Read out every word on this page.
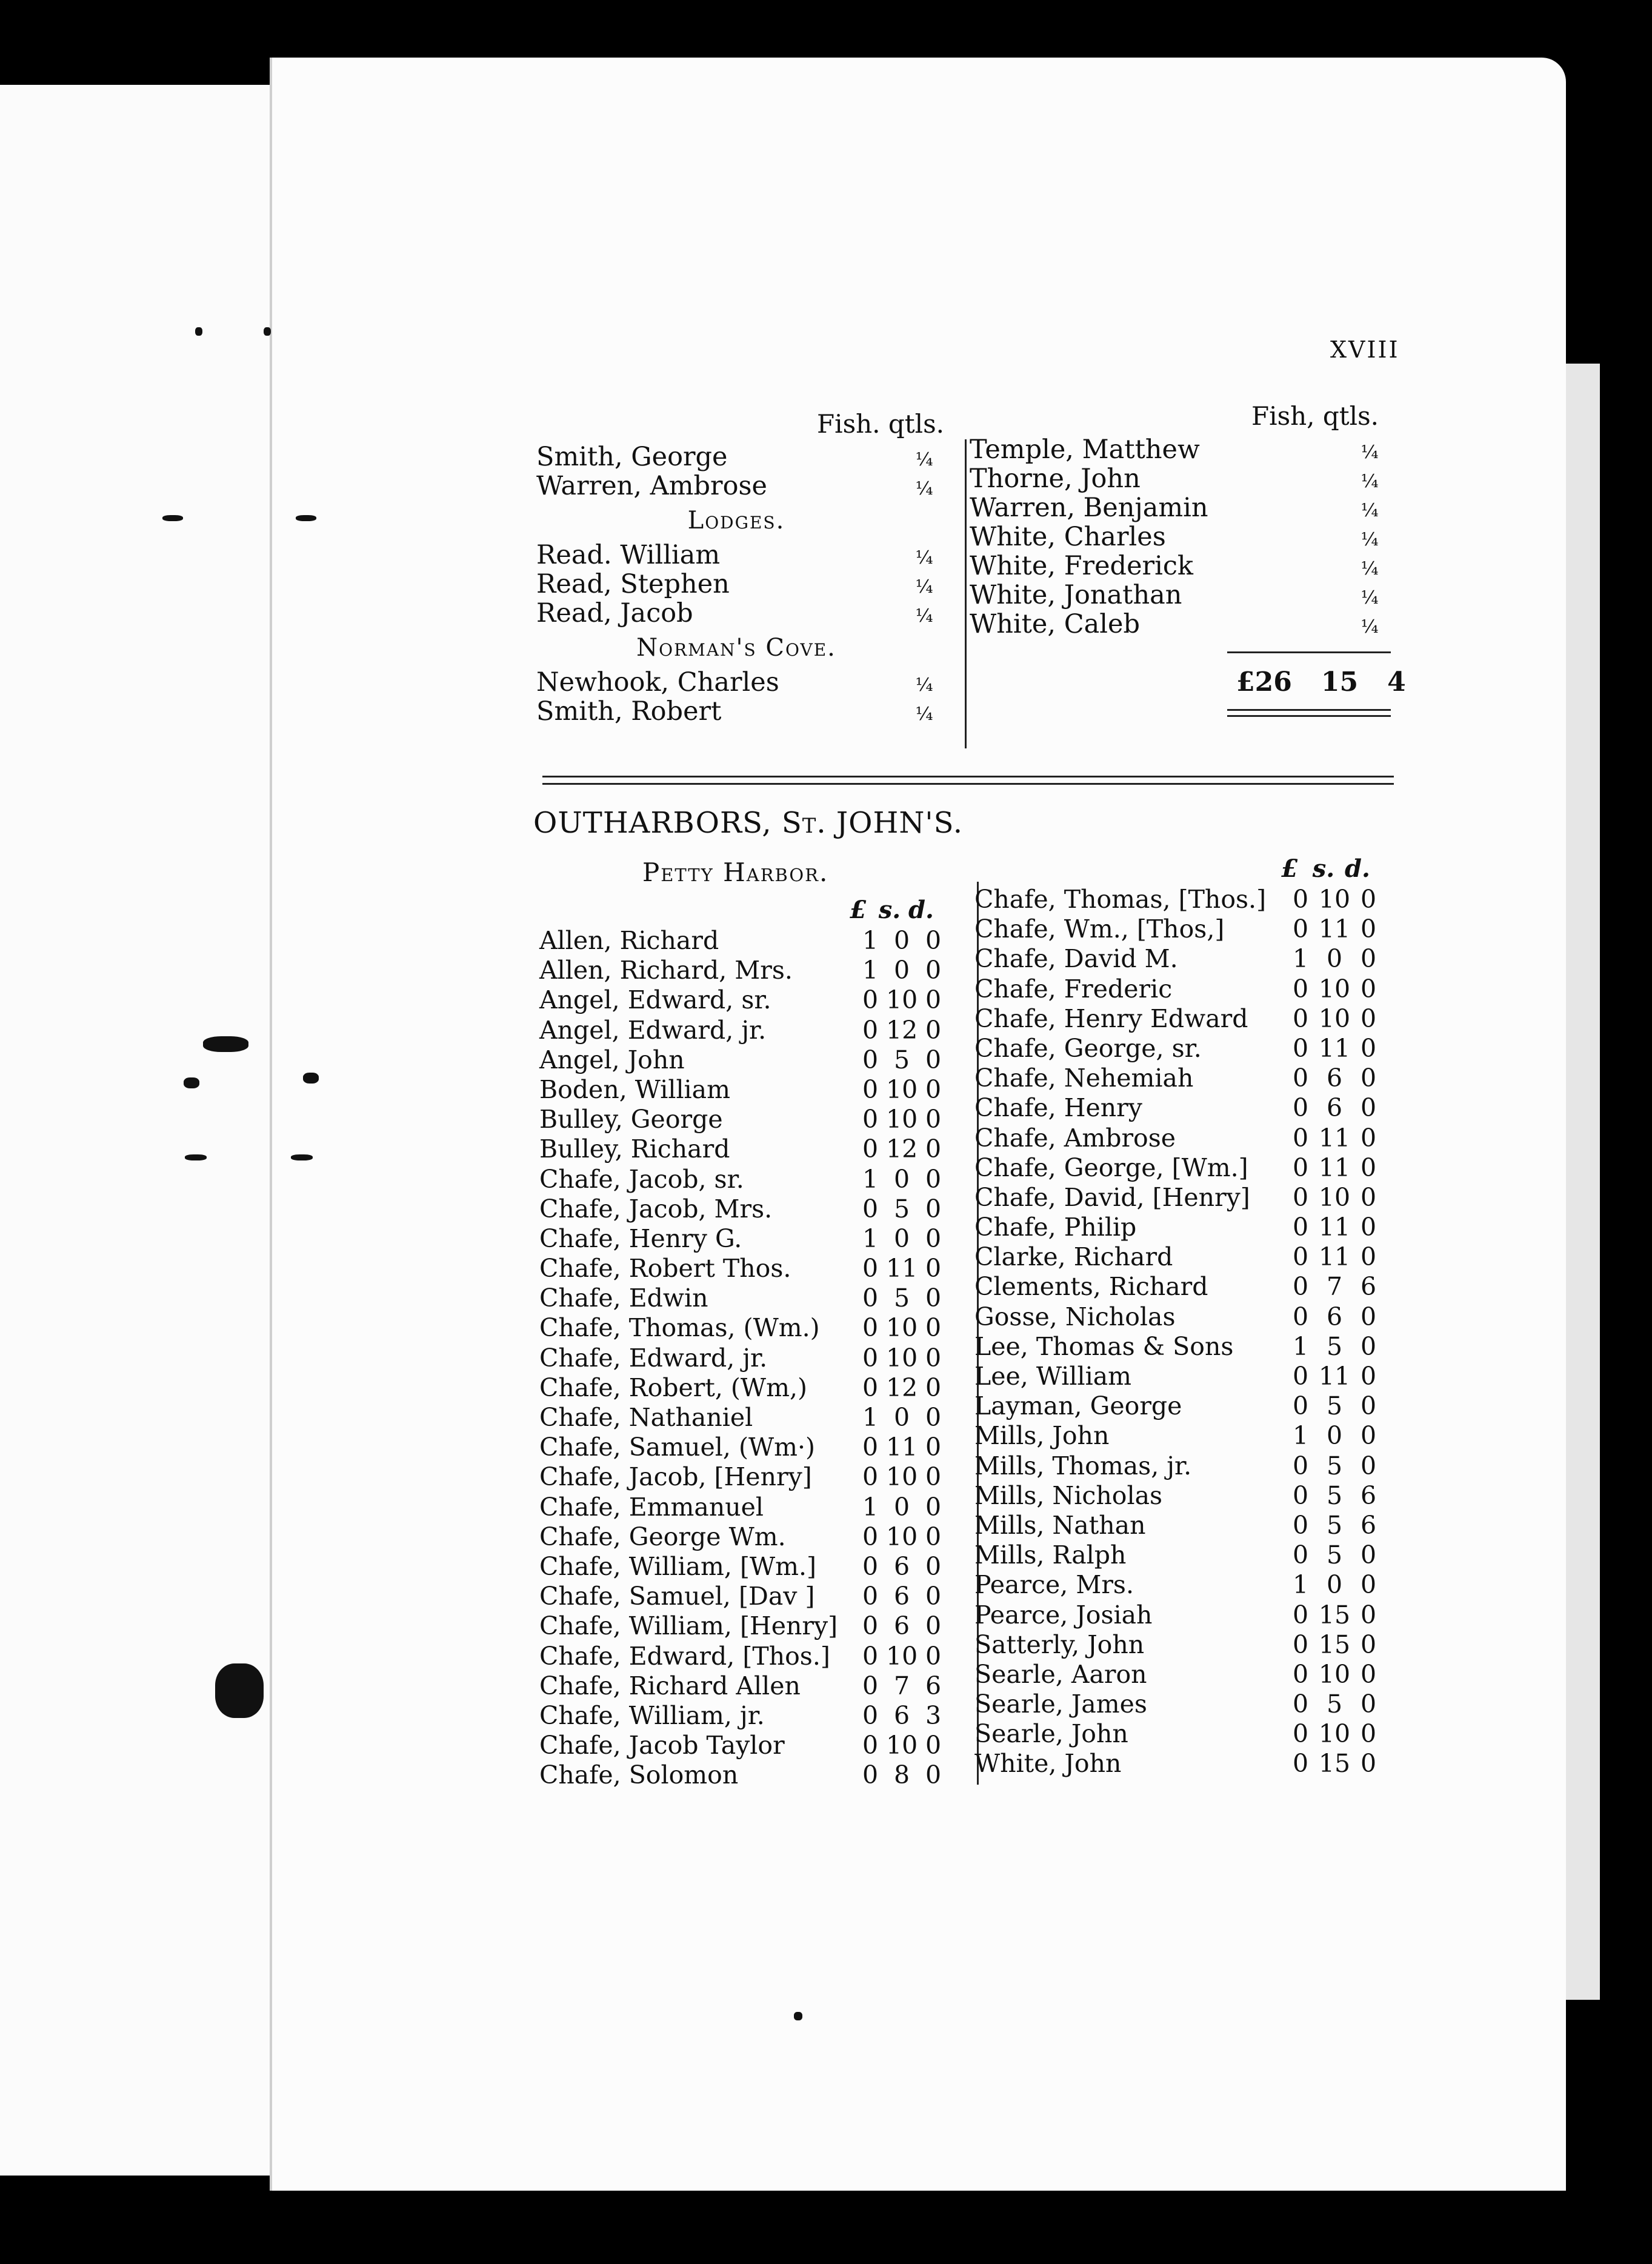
XVIII
Fish. qtls.	Fish, qtls.
Smith, George	¼
Warren, Ambrose	¼
Lodges.
Read. William	¼
Read, Stephen	¼
Read, Jacob	¼
Norman's Cove.
Newhook, Charles	¼
Smith, Robert	¼
Temple, Matthew	¼
Thorne, John	¼
Warren, Benjamin	¼
White, Charles	¼
White, Frederick	¼
White, Jonathan	¼
White, Caleb	¼
£26 15 4
OUTHARBORS, St. JOHN'S.
Petty Harbor.
£ s. d.
£ s. d.
Allen, Richard	1 0 0
Allen, Richard, Mrs.	1 0 0
Angel, Edward, sr.	0 10 0
Angel, Edward, jr.	0 12 0
Angel, John	0 5 0
Boden, William	0 10 0
Bulley, George	0 10 0
Bulley, Richard	0 12 0
Chafe, Jacob, sr.	1 0 0
Chafe, Jacob, Mrs.	0 5 0
Chafe, Henry G.	1 0 0
Chafe, Robert Thos.	0 11 0
Chafe, Edwin	0 5 0
Chafe, Thomas, (Wm.)	0 10 0
Chafe, Edward, jr.	0 10 0
Chafe, Robert, (Wm,)	0 12 0
Chafe, Nathaniel	1 0 0
Chafe, Samuel, (Wm·)	0 11 0
Chafe, Jacob, [Henry]	0 10 0
Chafe, Emmanuel	1 0 0
Chafe, George Wm.	0 10 0
Chafe, William, [Wm.]	0 6 0
Chafe, Samuel, [Dav ]	0 6 0
Chafe, William, [Henry] 0 6 0
Chafe, Edward, [Thos.]	0 10 0
Chafe, Richard Allen	0 7 6
Chafe, William, jr.	0 6 3
Chafe, Jacob Taylor	0 10 0
Chafe, Solomon	0 8 0
Chafe, Thomas, [Thos.]	0 10 0
Chafe, Wm., [Thos,]	0 11 0
Chafe, David M.	1 0 0
Chafe, Frederic	0 10 0
Chafe, Henry Edward	0 10 0
Chafe, George, sr.	0 11 0
Chafe, Nehemiah	0 6 0
Chafe, Henry	0 6 0
Chafe, Ambrose	0 11 0
Chafe, George, [Wm.]	0 11 0
Chafe, David, [Henry]	0 10 0
Chafe, Philip	0 11 0
Clarke, Richard	0 11 0
Clements, Richard	0 7 6
Gosse, Nicholas	0 6 0
Lee, Thomas & Sons	1 5 0
Lee, William	0 11 0
Layman, George	0 5 0
Mills, John	1 0 0
Mills, Thomas, jr.	0 5 0
Mills, Nicholas	0 5 6
Mills, Nathan	0 5 6
Mills, Ralph	0 5 0
Pearce, Mrs.	1 0 0
Pearce, Josiah	0 15 0
Satterly, John	0 15 0
Searle, Aaron	0 10 0
Searle, James	0 5 0
Searle, John	0 10 0
White, John	0 15 0
